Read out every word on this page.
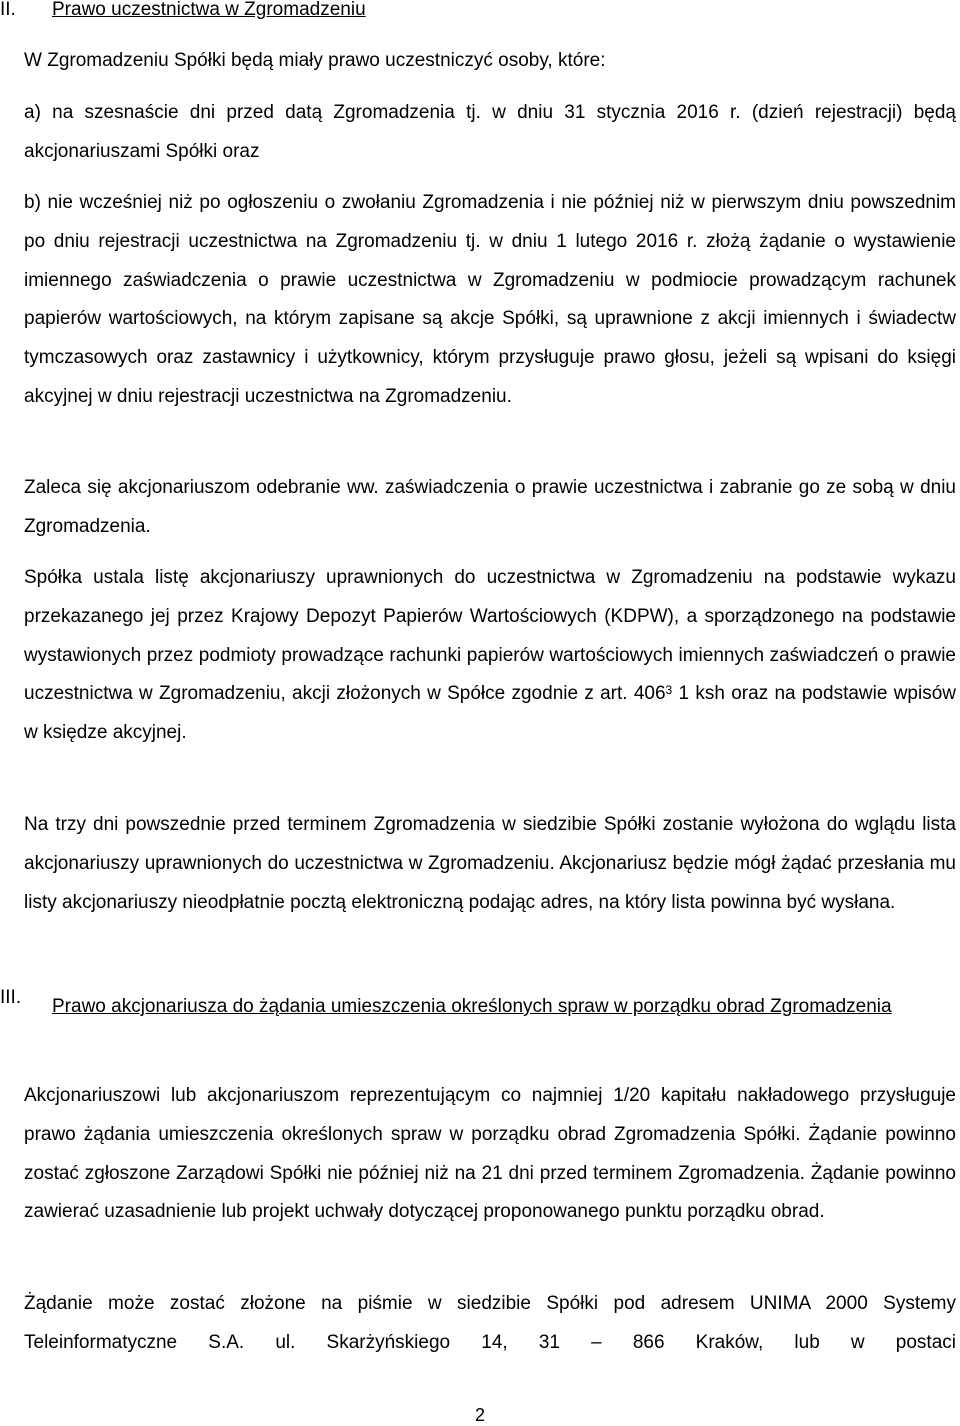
II. Prawo uczestnictwa w Zgromadzeniu

W Zgromadzeniu Spółki będą miały prawo uczestniczyć osoby, które:

a) na szesnaście dni przed datą Zgromadzenia tj. w dniu 31 stycznia 2016 r. (dzień rejestracji) będą akcjonariuszami Spółki oraz

b) nie wcześniej niż po ogłoszeniu o zwołaniu Zgromadzenia i nie później niż w pierwszym dniu powszednim po dniu rejestracji uczestnictwa na Zgromadzeniu tj. w dniu 1 lutego 2016 r. złożą żądanie o wystawienie imiennego zaświadczenia o prawie uczestnictwa w Zgromadzeniu w podmiocie prowadzącym rachunek papierów wartościowych, na którym zapisane są akcje Spółki, są uprawnione z akcji imiennych i świadectw tymczasowych oraz zastawnicy i użytkownicy, którym przysługuje prawo głosu, jeżeli są wpisani do księgi akcyjnej w dniu rejestracji uczestnictwa na Zgromadzeniu.

Zaleca się akcjonariuszom odebranie ww. zaświadczenia o prawie uczestnictwa i zabranie go ze sobą w dniu Zgromadzenia.

Spółka ustala listę akcjonariuszy uprawnionych do uczestnictwa w Zgromadzeniu na podstawie wykazu przekazanego jej przez Krajowy Depozyt Papierów Wartościowych (KDPW), a sporządzonego na podstawie wystawionych przez podmioty prowadzące rachunki papierów wartościowych imiennych zaświadczeń o prawie uczestnictwa w Zgromadzeniu, akcji złożonych w Spółce zgodnie z art. $406^3$ 1 ksh oraz na podstawie wpisów w księdze akcyjnej.

Na trzy dni powszednie przed terminem Zgromadzenia w siedzibie Spółki zostanie wyłożona do wglądu lista akcjonariuszy uprawnionych do uczestnictwa w Zgromadzeniu. Akcjonariusz będzie mógł żądać przesłania mu listy akcjonariuszy nieodpłatnie pocztą elektroniczną podając adres, na który lista powinna być wysłana.

III. Prawo akcjonariusza do żądania umieszczenia określonych spraw w porządku obrad Zgromadzenia

Akcjonariuszowi lub akcjonariuszom reprezentującym co najmniej 1/20 kapitału nakładowego przysługuje prawo żądania umieszczenia określonych spraw w porządku obrad Zgromadzenia Spółki. Żądanie powinno zostać zgłoszone Zarządowi Spółki nie później niż na 21 dni przed terminem Zgromadzenia. Żądanie powinno zawierać uzasadnienie lub projekt uchwały dotyczącej proponowanego punktu porządku obrad.

Żądanie może zostać złożone na piśmie w siedzibie Spółki pod adresem UNIMA 2000 Systemy Teleinformatyczne S.A. ul. Skarżyńskiego 14, 31 – 866 Kraków, lub w postaci

2
